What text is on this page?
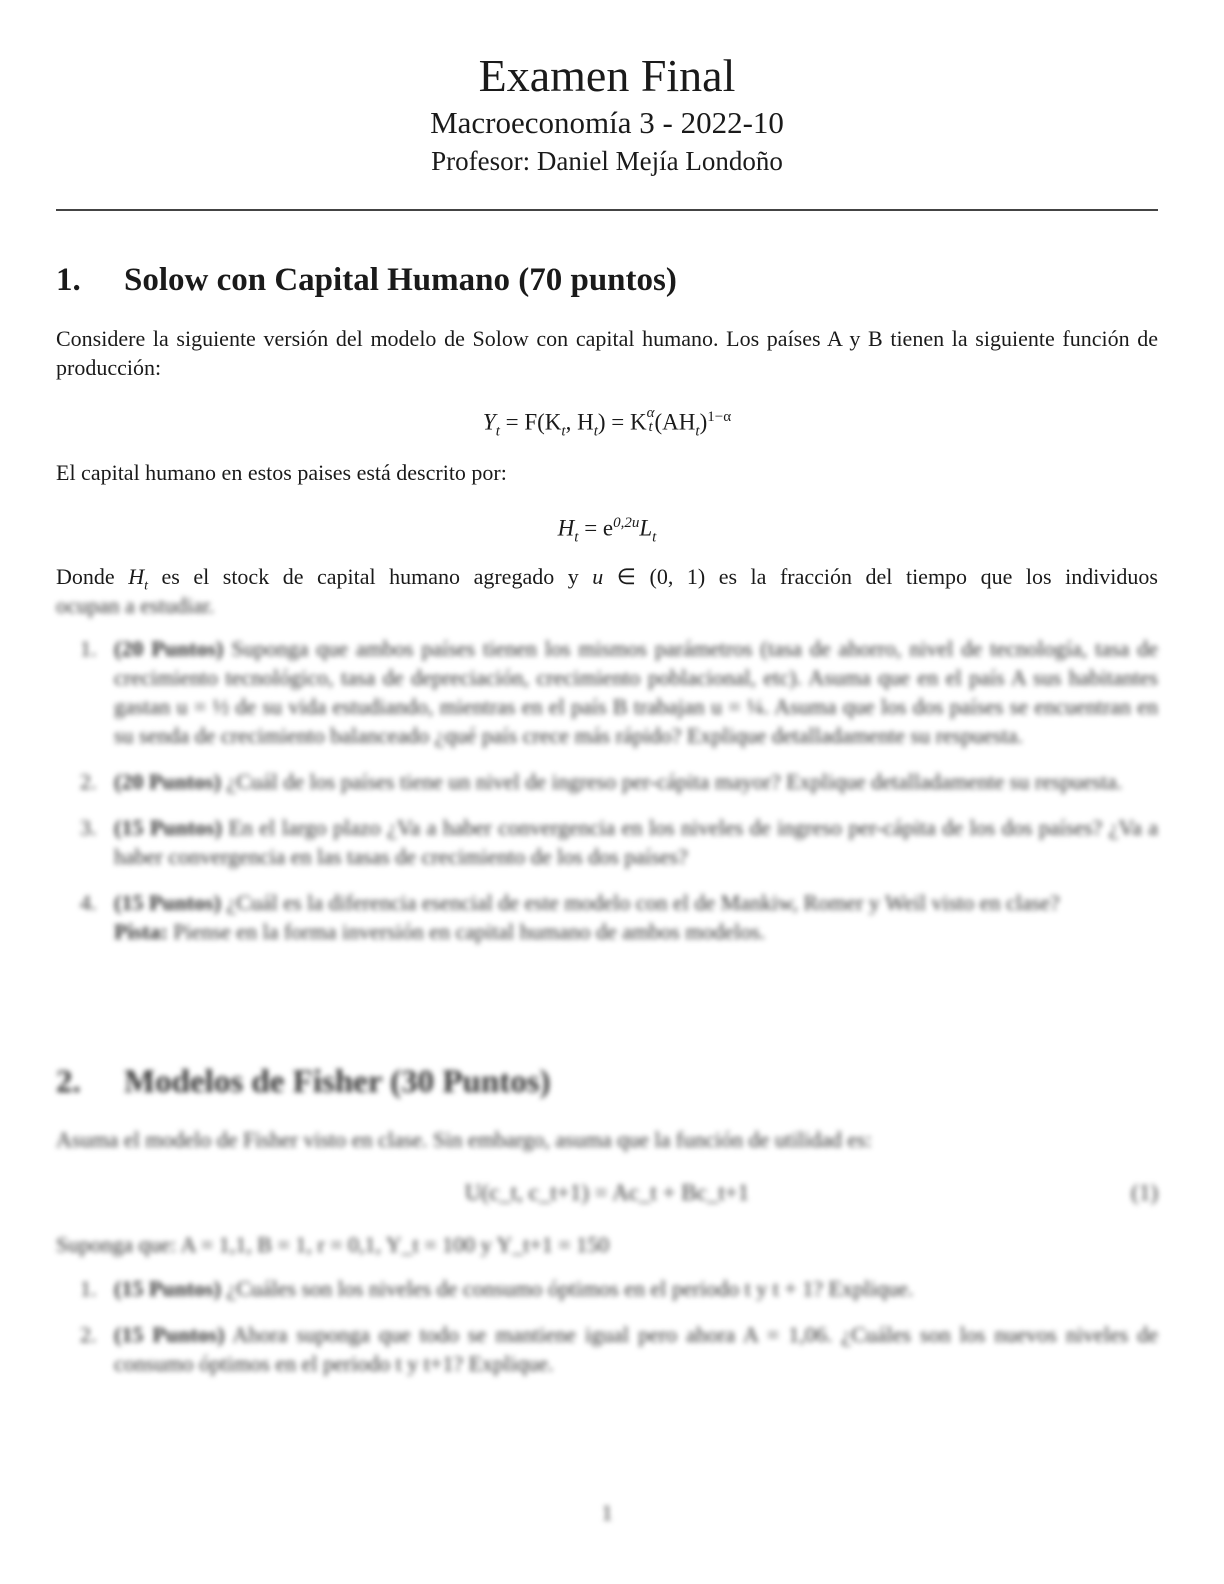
Examen Final
Macroeconomía 3 - 2022-10
Profesor: Daniel Mejía Londoño
1. Solow con Capital Humano (70 puntos)
Considere la siguiente versión del modelo de Solow con capital humano. Los países A y B tienen la siguiente función de producción:
$Y_t = F(K_t$, $H_t) = K$ α
t $(AH_t)^{1-\alpha}$
El capital humano en estos paises está descrito por:
$H_t = e^{0,2u}L_t$
Donde $H_t$ es el stock de capital humano agregado y u ∈ (0, 1) es la fracción del tiempo que los individuos
ocupan a estudiar.
1. (20 Puntos) Suponga que ambos países tienen los mismos parámetros (tasa de ahorro, nivel de tecnología, tasa de crecimiento tecnológico, tasa de depreciación, crecimiento poblacional, etc). Asuma que en el país A sus habitantes gastan u = ½ de su vida estudiando, mientras en el país B trabajan u = ¼. Asuma que los dos países se encuentran en su senda de crecimiento balanceado ¿qué país crece más rápido? Explique detalladamente su respuesta.
2. (20 Puntos) ¿Cuál de los países tiene un nivel de ingreso per-cápita mayor? Explique detalladamente su respuesta.
3. (15 Puntos) En el largo plazo ¿Va a haber convergencia en los niveles de ingreso per-cápita de los dos países? ¿Va a haber convergencia en las tasas de crecimiento de los dos países?
4. (15 Puntos) ¿Cuál es la diferencia esencial de este modelo con el de Mankiw, Romer y Weil visto en clase?
Pista: Piense en la forma inversión en capital humano de ambos modelos.
2. Modelos de Fisher (30 Puntos)
Asuma el modelo de Fisher visto en clase. Sin embargo, asuma que la función de utilidad es:
U(c_t, c_t+1) = Ac_t + Bc_t+1	(1)
Suponga que: A = 1,1, B = 1, r = 0,1, Y_t = 100 y Y_t+1 = 150
1. (15 Puntos) ¿Cuáles son los niveles de consumo óptimos en el periodo t y t + 1? Explique.
2. (15 Puntos) Ahora suponga que todo se mantiene igual pero ahora A = 1,06. ¿Cuáles son los nuevos niveles de consumo óptimos en el periodo t y t+1? Explique.
1
